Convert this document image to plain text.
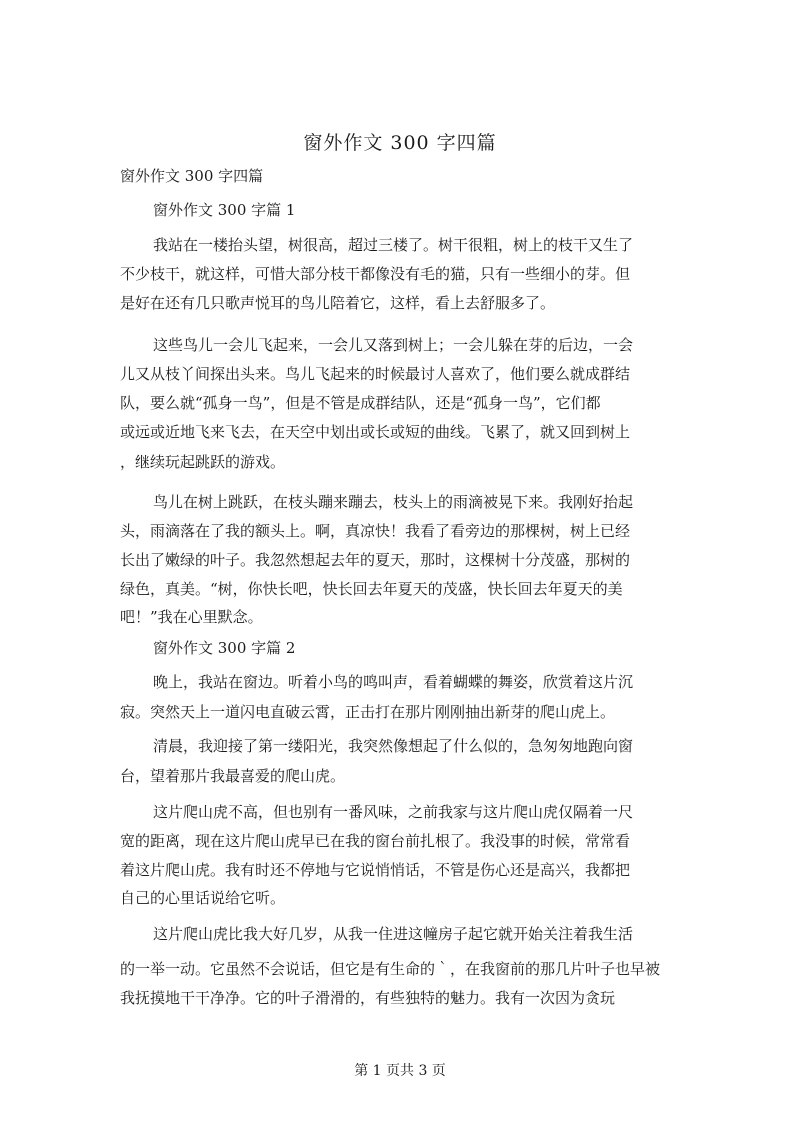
窗外作文 300 字四篇
窗外作文 300 字四篇
窗外作文 300 字篇 1
我站在一楼抬头望，树很高，超过三楼了。树干很粗，树上的枝干又生了
不少枝干，就这样，可惜大部分枝干都像没有毛的猫，只有一些细小的芽。但
是好在还有几只歌声悦耳的鸟儿陪着它，这样，看上去舒服多了。
这些鸟儿一会儿飞起来，一会儿又落到树上；一会儿躲在芽的后边，一会
儿又从枝丫间探出头来。鸟儿飞起来的时候最讨人喜欢了，他们要么就成群结
队，要么就“孤身一鸟”，但是不管是成群结队，还是“孤身一鸟”，它们都
或远或近地飞来飞去，在天空中划出或长或短的曲线。飞累了，就又回到树上
，继续玩起跳跃的游戏。
鸟儿在树上跳跃，在枝头蹦来蹦去，枝头上的雨滴被晃下来。我刚好抬起
头，雨滴落在了我的额头上。啊，真凉快！我看了看旁边的那棵树，树上已经
长出了嫩绿的叶子。我忽然想起去年的夏天，那时，这棵树十分茂盛，那树的
绿色，真美。“树，你快长吧，快长回去年夏天的茂盛，快长回去年夏天的美
吧！”我在心里默念。
窗外作文 300 字篇 2
晚上，我站在窗边。听着小鸟的鸣叫声，看着蝴蝶的舞姿，欣赏着这片沉
寂。突然天上一道闪电直破云霄，正击打在那片刚刚抽出新芽的爬山虎上。
清晨，我迎接了第一缕阳光，我突然像想起了什么似的，急匆匆地跑向窗
台，望着那片我最喜爱的爬山虎。
这片爬山虎不高，但也别有一番风味，之前我家与这片爬山虎仅隔着一尺
宽的距离，现在这片爬山虎早已在我的窗台前扎根了。我没事的时候，常常看
着这片爬山虎。我有时还不停地与它说悄悄话，不管是伤心还是高兴，我都把
自己的心里话说给它听。
这片爬山虎比我大好几岁，从我一住进这幢房子起它就开始关注着我生活
的一举一动。它虽然不会说话，但它是有生命的｀，在我窗前的那几片叶子也早被
我抚摸地干干净净。它的叶子滑滑的，有些独特的魅力。我有一次因为贪玩
第 1 页共 3 页
